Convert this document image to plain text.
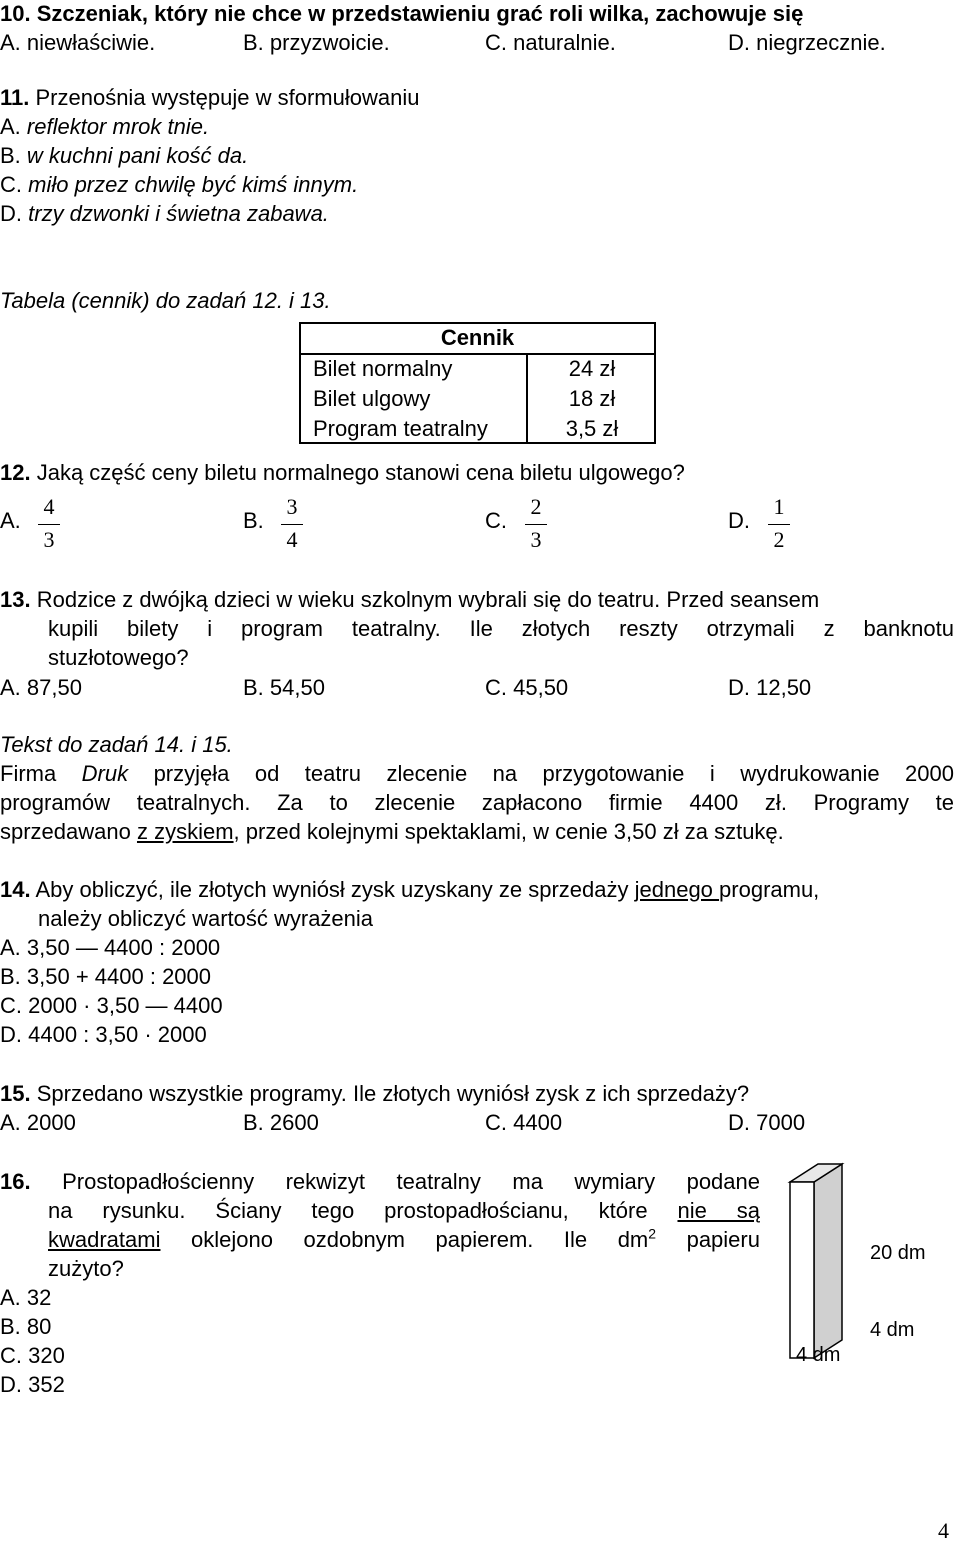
10. Szczeniak, który nie chce w przedstawieniu grać roli wilka, zachowuje się
A. niewłaściwie.	B. przyzwoicie.	C. naturalnie.	D. niegrzecznie.
11. Przenośnia występuje w sformułowaniu
A. reflektor mrok tnie.
B. w kuchni pani kość da.
C. miło przez chwilę być kimś innym.
D. trzy dzwonki i świetna zabawa.
Tabela (cennik) do zadań 12. i 13.
Cennik
Bilet normalny	24 zł
Bilet ulgowy	18 zł
Program teatralny	3,5 zł
12. Jaką część ceny biletu normalnego stanowi cena biletu ulgowego?
A.
4
3
B.
3
4
C.
2
3
D.
1
2
13. Rodzice z dwójką dzieci w wieku szkolnym wybrali się do teatru. Przed seansem
kupili bilety i program teatralny. Ile złotych reszty otrzymali z banknotu
stuzłotowego?
A. 87,50	B. 54,50	C. 45,50	D. 12,50
Tekst do zadań 14. i 15.
Firma Druk przyjęła od teatru zlecenie na przygotowanie i wydrukowanie 2000
programów teatralnych. Za to zlecenie zapłacono firmie 4400 zł. Programy te
sprzedawano z zyskiem, przed kolejnymi spektaklami, w cenie 3,50 zł za sztukę.
14. Aby obliczyć, ile złotych wyniósł zysk uzyskany ze sprzedaży jednego programu,
należy obliczyć wartość wyrażenia
A. 3,50 — 4400 : 2000
B. 3,50 + 4400 : 2000
C. 2000 · 3,50 — 4400
D. 4400 : 3,50 · 2000
15. Sprzedano wszystkie programy. Ile złotych wyniósł zysk z ich sprzedaży?
A. 2000	B. 2600	C. 4400	D. 7000
16. Prostopadłościenny rekwizyt teatralny ma wymiary podane
na rysunku. Ściany tego prostopadłościanu, które nie są
kwadratami oklejono ozdobnym papierem. Ile $dm^2$ papieru
zużyto?
A. 32
B. 80
C. 320
D. 352
20 dm
4 dm
4 dm
4
